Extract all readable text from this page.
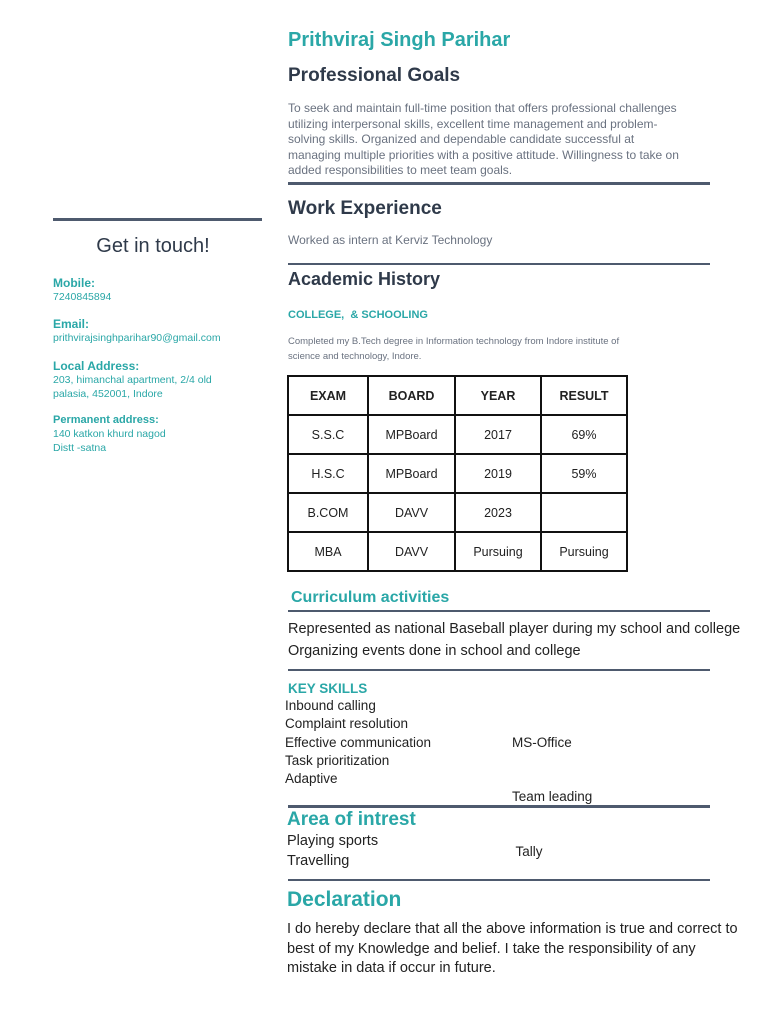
Get in touch!
Mobile:
7240845894
Email:
prithvirajsinghparihar90@gmail.com
Local Address:
203, himanchal apartment, 2/4 old
palasia, 452001, Indore
Permanent address:
140 katkon khurd nagod
Distt -satna
Prithviraj Singh Parihar
Professional Goals
To seek and maintain full-time position that offers professional challenges
utilizing interpersonal skills, excellent time management and problem-
solving skills. Organized and dependable candidate successful at
managing multiple priorities with a positive attitude. Willingness to take on
added responsibilities to meet team goals.
Work Experience
Worked as intern at Kerviz Technology
Academic History
COLLEGE,  & SCHOOLING
Completed my B.Tech degree in Information technology from Indore institute of
science and technology, Indore.
EXAM	BOARD	YEAR	RESULT
S.S.C	MPBoard	2017	69%
H.S.C	MPBoard	2019	59%
B.COM	DAVV	2023	
MBA	DAVV	Pursuing	Pursuing
Curriculum activities
Represented as national Baseball player during my school and college
Organizing events done in school and college
KEY SKILLS
Inbound calling
Complaint resolution
Effective communication
Task prioritization
Adaptive

MS-Office

Team leading

Tally

Area of intrest
Playing sports
Travelling
Declaration
I do hereby declare that all the above information is true and correct to
best of my Knowledge and belief. I take the responsibility of any
mistake in data if occur in future.
